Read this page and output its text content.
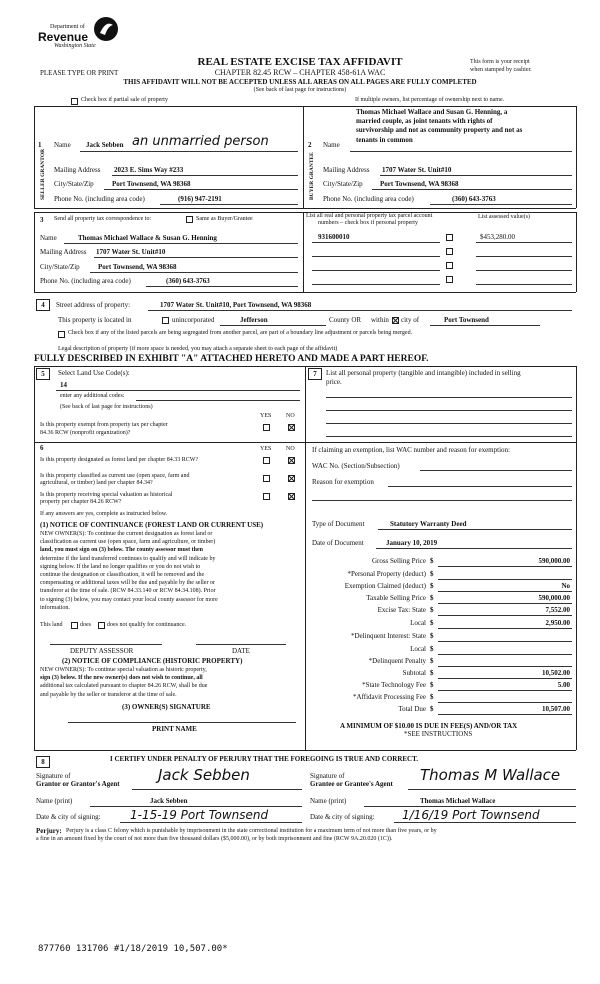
Department of
Revenue
Washington State
REAL ESTATE EXCISE TAX AFFIDAVIT
CHAPTER 82.45 RCW – CHAPTER 458-61A WAC
PLEASE TYPE OR PRINT
This form is your receipt
when stamped by cashier.
THIS AFFIDAVIT WILL NOT BE ACCEPTED UNLESS ALL AREAS ON ALL PAGES ARE FULLY COMPLETED
(See back of last page for instructions)
Check box if partial sale of property	If multiple owners, list percentage of ownership next to name.
1
SELLER GRANTOR
Name Jack Sebben an unmarried person
Mailing Address 2023 E. Sims Way #233
City/State/Zip	Port Townsend, WA 98368
Phone No. (including area code)	(916) 947-2191
2
BUYER GRANTEE
Name
Thomas Michael Wallace and Susan G. Henning, a
married couple, as joint tenants with rights of
survivorship and not as community property and not as
tenants in common
Mailing Address 1707 Water St. Unit#10
City/State/Zip Port Townsend, WA 98368
Phone No. (including area code)	(360) 643-3763
3 Send all property tax correspondence to:	Same as Buyer/Grantee
Name	Thomas Michael Wallace & Susan G. Henning
Mailing Address 1707 Water St. Unit#10
City/State/Zip	Port Townsend, WA 98368
Phone No. (including area code)	(360) 643-3763
List all real and personal property tax parcel account
numbers – check box if personal property
List assessed value(s)
931600010	$453,280.00
4	Street address of property:	1707 Water St. Unit#10, Port Townsend, WA 98368
This property is located in	unincorporated	Jefferson	County OR within city of	Port Townsend
Check box if any of the listed parcels are being segregated from another parcel, are part of a boundary line adjustment or parcels being merged.
Legal description of property (if more space is needed, you may attach a separate sheet to each page of the affidavit)
FULLY DESCRIBED IN EXHIBIT "A" ATTACHED HERETO AND MADE A PART HEREOF.
5	Select Land Use Code(s):
14
enter any additional codes:
(See back of last page for instructions)
YES NO
Is this property exempt from property tax per chapter
84.36 RCW (nonprofit organization)?
6	YES NO
Is this property designated as forest land per chapter 84.33 RCW?
Is this property classified as current use (open space, farm and
agricultural, or timber) land per chapter 84.34?
Is this property receiving special valuation as historical
property per chapter 84.26 RCW?
If any answers are yes, complete as instructed below.
(1) NOTICE OF CONTINUANCE (FOREST LAND OR CURRENT USE)
NEW OWNER(S): To continue the current designation as forest land or
classification as current use (open space, farm and agriculture, or timber)
land, you must sign on (3) below. The county assessor must then
determine if the land transferred continues to qualify and will indicate by
signing below. If the land no longer qualifies or you do not wish to
continue the designation or classification, it will be removed and the
compensating or additional taxes will be due and payable by the seller or
transferor at the time of sale. (RCW 84.33.140 or RCW 84.34.108). Prior
to signing (3) below, you may contact your local county assessor for more
information.
This land	does	does not qualify for continuance.
DEPUTY ASSESSOR	DATE
(2) NOTICE OF COMPLIANCE (HISTORIC PROPERTY)
NEW OWNER(S): To continue special valuation as historic property,
sign (3) below. If the new owner(s) does not wish to continue, all
additional tax calculated pursuant to chapter 84.26 RCW, shall be due
and payable by the seller or transferor at the time of sale.
(3) OWNER(S) SIGNATURE
PRINT NAME
7	List all personal property (tangible and intangible) included in selling
price.
If claiming an exemption, list WAC number and reason for exemption:
WAC No. (Section/Subsection)
Reason for exemption
Type of Document	Statutory Warranty Deed
Date of Document	January 10, 2019
Gross Selling Price $	590,000.00
*Personal Property (deduct) $
Exemption Claimed (deduct) $	No
Taxable Selling Price $	590,000.00
Excise Tax: State $	7,552.00
Local $	2,950.00
*Delinquent Interest: State $
Local $
*Delinquent Penalty $
Subtotal $	10,502.00
*State Technology Fee $	5.00
*Affidavit Processing Fee $
Total Due $	10,507.00
A MINIMUM OF $10.00 IS DUE IN FEE(S) AND/OR TAX
*SEE INSTRUCTIONS
8	I CERTIFY UNDER PENALTY OF PERJURY THAT THE FOREGOING IS TRUE AND CORRECT.
Signature of
Grantor or Grantor's Agent	Jack Sebben
Name (print)	Jack Sebben
Date & city of signing: 1-15-19 Port Townsend
Signature of
Grantee or Grantee's Agent Thomas M Wallace
Name (print)	Thomas Michael Wallace
Date & city of signing: 1/16/19 Port Townsend
Perjury: Perjury is a class C felony which is punishable by imprisonment in the state correctional institution for a maximum term of not more than five years, or by
a fine in an amount fixed by the court of not more than five thousand dollars ($5,000.00), or by both imprisonment and fine (RCW 9A.20.020 (1C)).
877760 131706 #1/18/2019 10,507.00*
